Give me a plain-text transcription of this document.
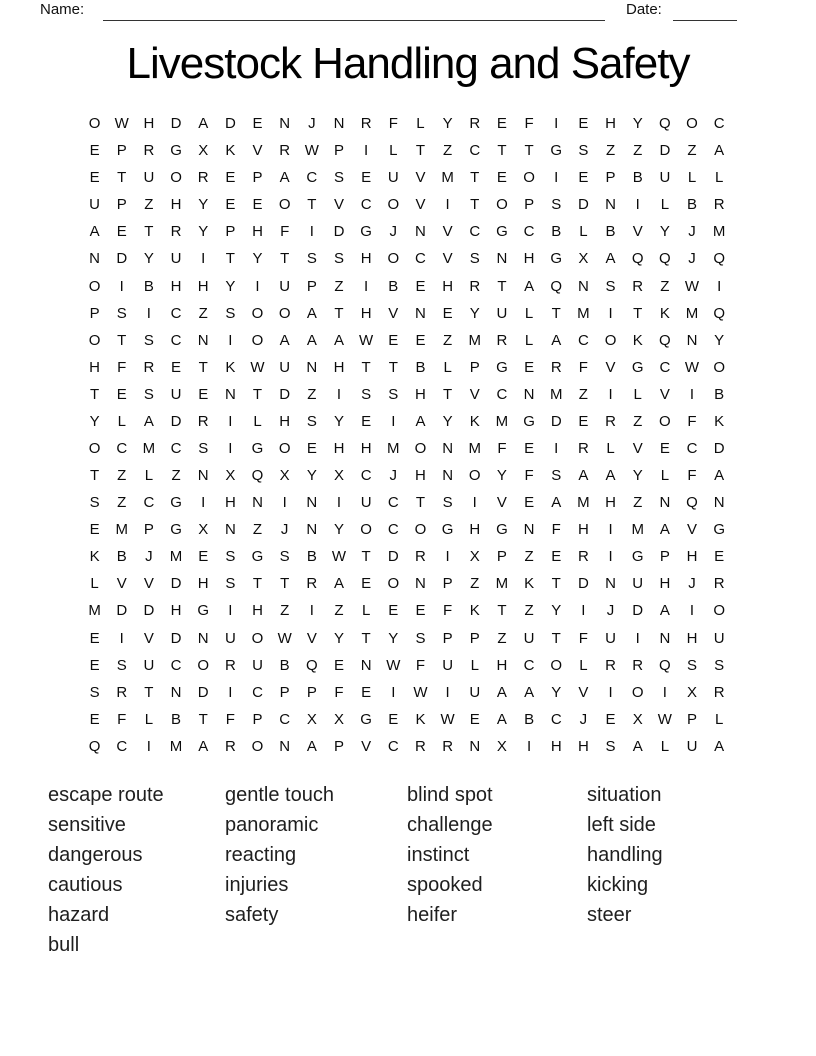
Name:	Date:
Livestock Handling and Safety
O W H	D	A	D	E	N	J	N	R	F	L	Y	R	E	F	I	E	H	Y	Q	O	C
E	P	R	G	X	K	V	R W	P	I	L	T	Z	C	T	T	G	S	Z	Z	D	Z	A
E	T	U	O	R	E	P	A	C	S	E	U	V	M	T	E	O	I	E	P	B	U	L	L
U	P	Z	H	Y	E	E	O	T	V	C	O	V	I	T	O	P	S	D	N	I	L	B	R
A	E	T	R	Y	P	H	F	I	D	G	J	N	V	C	G	C	B	L	B	V	Y	J	M
N	D	Y	U	I	T	Y	T	S	S	H	O	C	V	S	N	H	G	X	A	Q	Q	J	Q
O	I	B	H	H	Y	I	U	P	Z	I	B	E	H	R	T	A	Q	N	S	R	Z	W	I
P	S	I	C	Z	S	O	O	A	T	H	V	N	E	Y	U	L	T	M	I	T	K	M	Q
O	T	S	C	N	I	O	A	A	A	W	E	E	Z	M	R	L	A	C	O	K	Q	N	Y
H	F	R	E	T	K	W U	N	H	T	T	B	L	P	G	E	R	F	V	G	C W O
T	E	S	U	E	N	T	D	Z	I	S	S	H	T	V	C	N	M	Z	I	L	V	I	B
Y	L	A	D	R	I	L	H	S	Y	E	I	A	Y	K	M	G	D	E	R	Z	O	F	K
O	C	M	C	S	I	G	O	E	H	H	M	O	N	M	F	E	I	R	L	V	E	C	D
T	Z	L	Z	N	X	Q	X	Y	X	C	J	H	N	O	Y	F	S	A	A	Y	L	F	A
S	Z	C	G	I	H	N	I	N	I	U	C	T	S	I	V	E	A	M	H	Z	N	Q	N
E	M	P	G	X	N	Z	J	N	Y	O	C	O	G	H	G	N	F	H	I	M	A	V	G
K	B	J	M	E	S	G	S	B	W	T	D	R	I	X	P	Z	E	R	I	G	P	H	E
L	V	V	D	H	S	T	T	R	A	E	O	N	P	Z	M	K	T	D	N	U	H	J	R
M	D	D	H	G	I	H	Z	I	Z	L	E	E	F	K	T	Z	Y	I	J	D	A	I	O
E	I	V	D	N	U	O W	V	Y	T	Y	S	P	P	Z	U	T	F	U	I	N	H	U
E	S	U	C	O	R	U	B	Q	E	N W	F	U	L	H	C	O	L	R	R	Q	S	S
S	R	T	N	D	I	C	P	P	F	E	I	W	I	U	A	A	Y	V	I	O	I	X	R
E	F	L	B	T	F	P	C	X	X	G	E	K	W	E	A	B	C	J	E	X	W	P	L
Q	C	I	M	A	R	O	N	A	P	V	C	R	R	N	X	I	H	H	S	A	L	U	A
escape route
sensitive
dangerous
cautious
hazard
bull
gentle touch
panoramic
reacting
injuries
safety
blind spot
challenge
instinct
spooked
heifer
situation
left side
handling
kicking
steer
